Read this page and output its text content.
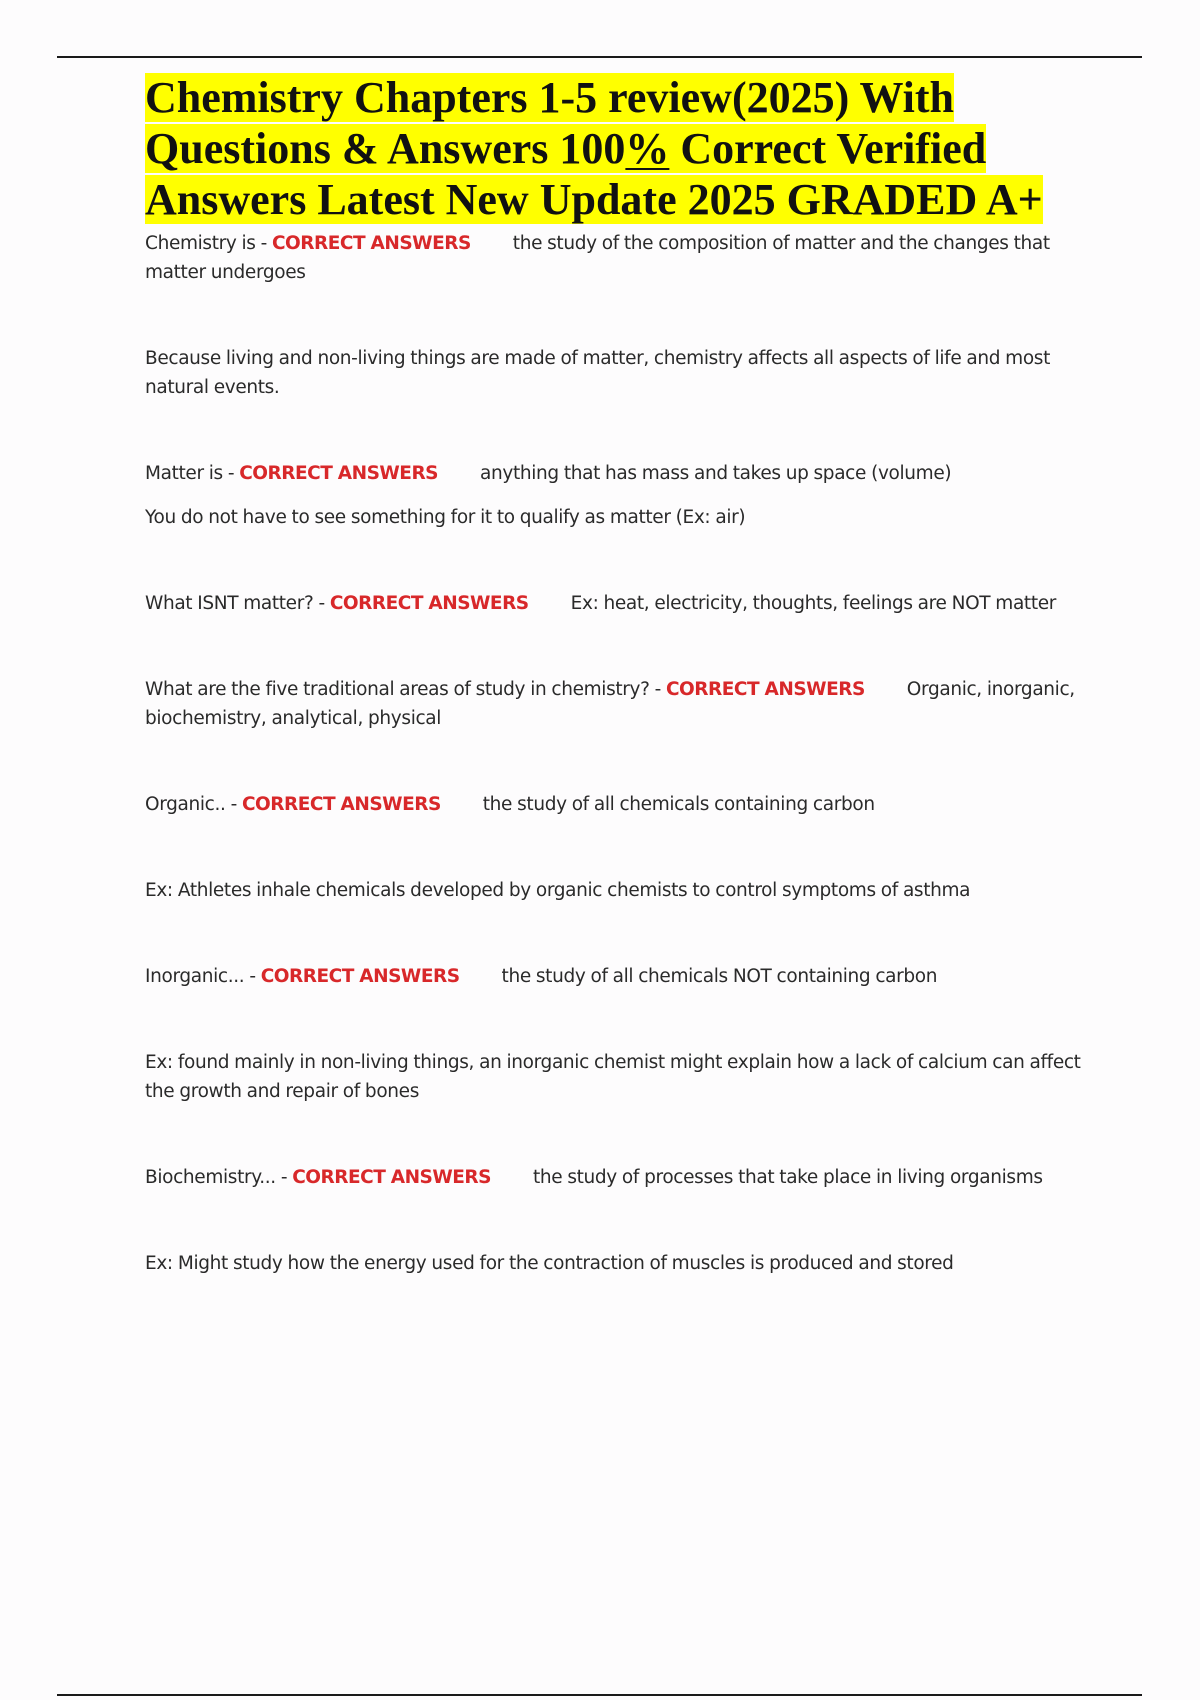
Chemistry Chapters 1-5 review(2025) With Questions & Answers 100% Correct Verified Answers Latest New Update 2025 GRADED A+

Chemistry is - CORRECT ANSWERS the study of the composition of matter and the changes that matter undergoes

Because living and non-living things are made of matter, chemistry affects all aspects of life and most natural events.

Matter is - CORRECT ANSWERS anything that has mass and takes up space (volume)

You do not have to see something for it to qualify as matter (Ex: air)

What ISNT matter? - CORRECT ANSWERS Ex: heat, electricity, thoughts, feelings are NOT matter

What are the five traditional areas of study in chemistry? - CORRECT ANSWERS Organic, inorganic, biochemistry, analytical, physical

Organic.. - CORRECT ANSWERS the study of all chemicals containing carbon

Ex: Athletes inhale chemicals developed by organic chemists to control symptoms of asthma

Inorganic... - CORRECT ANSWERS the study of all chemicals NOT containing carbon

Ex: found mainly in non-living things, an inorganic chemist might explain how a lack of calcium can affect the growth and repair of bones

Biochemistry... - CORRECT ANSWERS the study of processes that take place in living organisms

Ex: Might study how the energy used for the contraction of muscles is produced and stored
